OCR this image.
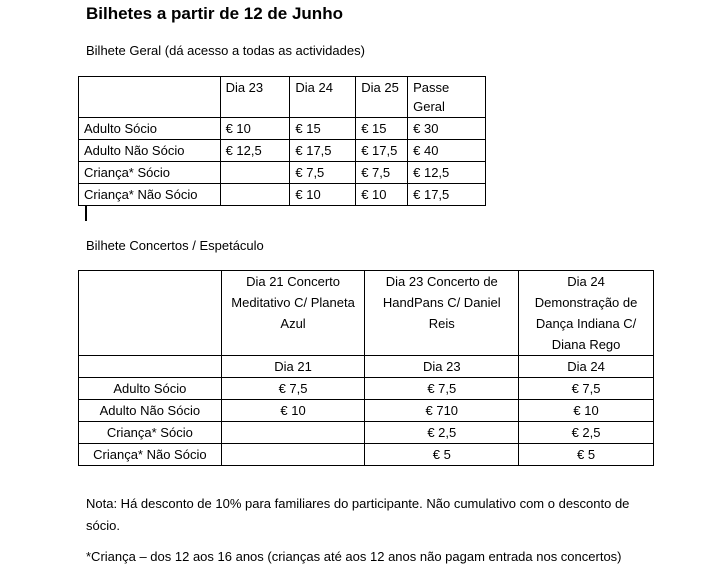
Bilhetes a partir de 12 de Junho
Bilhete Geral (dá acesso a todas as actividades)
	Dia 23	Dia 24	Dia 25	Passe Geral
Adulto Sócio	€ 10	€ 15	€ 15	€ 30
Adulto Não Sócio	€ 12,5	€ 17,5	€ 17,5	€ 40
Criança* Sócio		€ 7,5	€ 7,5	€ 12,5
Criança* Não Sócio		€ 10	€ 10	€ 17,5
Bilhete Concertos / Espetáculo
	Dia 21 Concerto Meditativo C/ Planeta Azul	Dia 23 Concerto de HandPans C/ Daniel Reis	Dia 24 Demonstração de Dança Indiana C/ Diana Rego
	Dia 21	Dia 23	Dia 24
Adulto Sócio	€ 7,5	€ 7,5	€ 7,5
Adulto Não Sócio	€ 10	€ 710	€ 10
Criança* Sócio		€ 2,5	€ 2,5
Criança* Não Sócio		€ 5	€ 5
Nota: Há desconto de 10% para familiares do participante. Não cumulativo com o desconto de sócio.
*Criança – dos 12 aos 16 anos (crianças até aos 12 anos não pagam entrada nos concertos)
